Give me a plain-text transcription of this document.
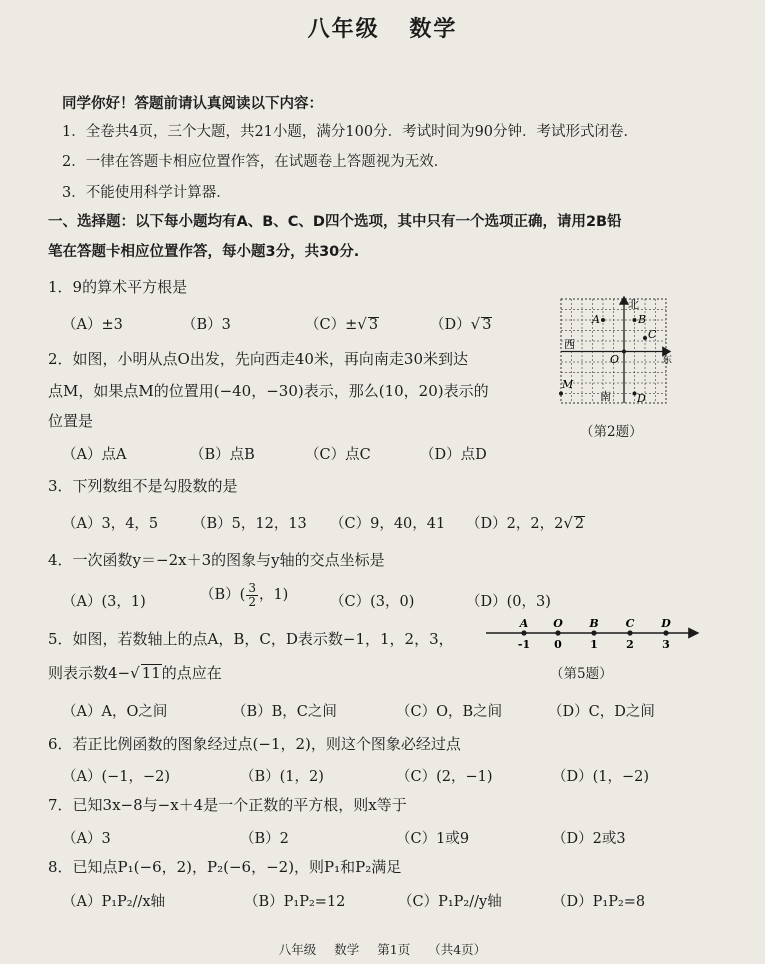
八年级 数学
同学你好！答题前请认真阅读以下内容：
1．全卷共4页，三个大题，共21小题，满分100分．考试时间为90分钟．考试形式闭卷．
2．一律在答题卡相应位置作答，在试题卷上答题视为无效．
3．不能使用科学计算器．
一、选择题：以下每小题均有A、B、C、D四个选项，其中只有一个选项正确，请用2B铅
笔在答题卡相应位置作答，每小题3分，共30分.
1．9的算术平方根是
（A）±3	（B）3	（C）±√ 3	（D）√ 3
北
西
东
南
O
A	B
C
D
M
（第2题）
2．如图，小明从点O出发，先向西走40米，再向南走30米到达
点M，如果点M的位置用(−40，−30)表示，那么(10，20)表示的
位置是
（A）点A	（B）点B	（C）点C	（D）点D
3．下列数组不是勾股数的是
（A）3，4，5 （B）5，12，13 （C）9，40，41 （D）2，2，2√ 2
4．一次函数y＝−2x＋3的图象与y轴的交点坐标是
（A）(3，1)	$(B)( \frac{3}{2}$ ，1)	（C）(3，0)	（D）(0，3)
A
-1
O
0
B
1
C
2
D
3
（第5题）
5．如图，若数轴上的点A，B，C，D表示数−1，1，2，3，
则表示数4−√ 11的点应在
（A）A，O之间	（B）B，C之间	（C）O，B之间	（D）C，D之间
6．若正比例函数的图象经过点(−1，2)，则这个图象必经过点
（A）(−1，−2)	（B）(1，2)	（C）(2，−1)	（D）(1，−2)
7．已知3x−8与−x＋4是一个正数的平方根，则x等于
（A）3	（B）2	（C）1或9	（D）2或3
8．已知点P₁(−6，2)，P₂(−6，−2)，则P₁和P₂满足
（A）P₁P₂//x轴	（B）P₁P₂=12	（C）P₁P₂//y轴	（D）P₁P₂=8
八年级 数学 第1页 （共4页）
